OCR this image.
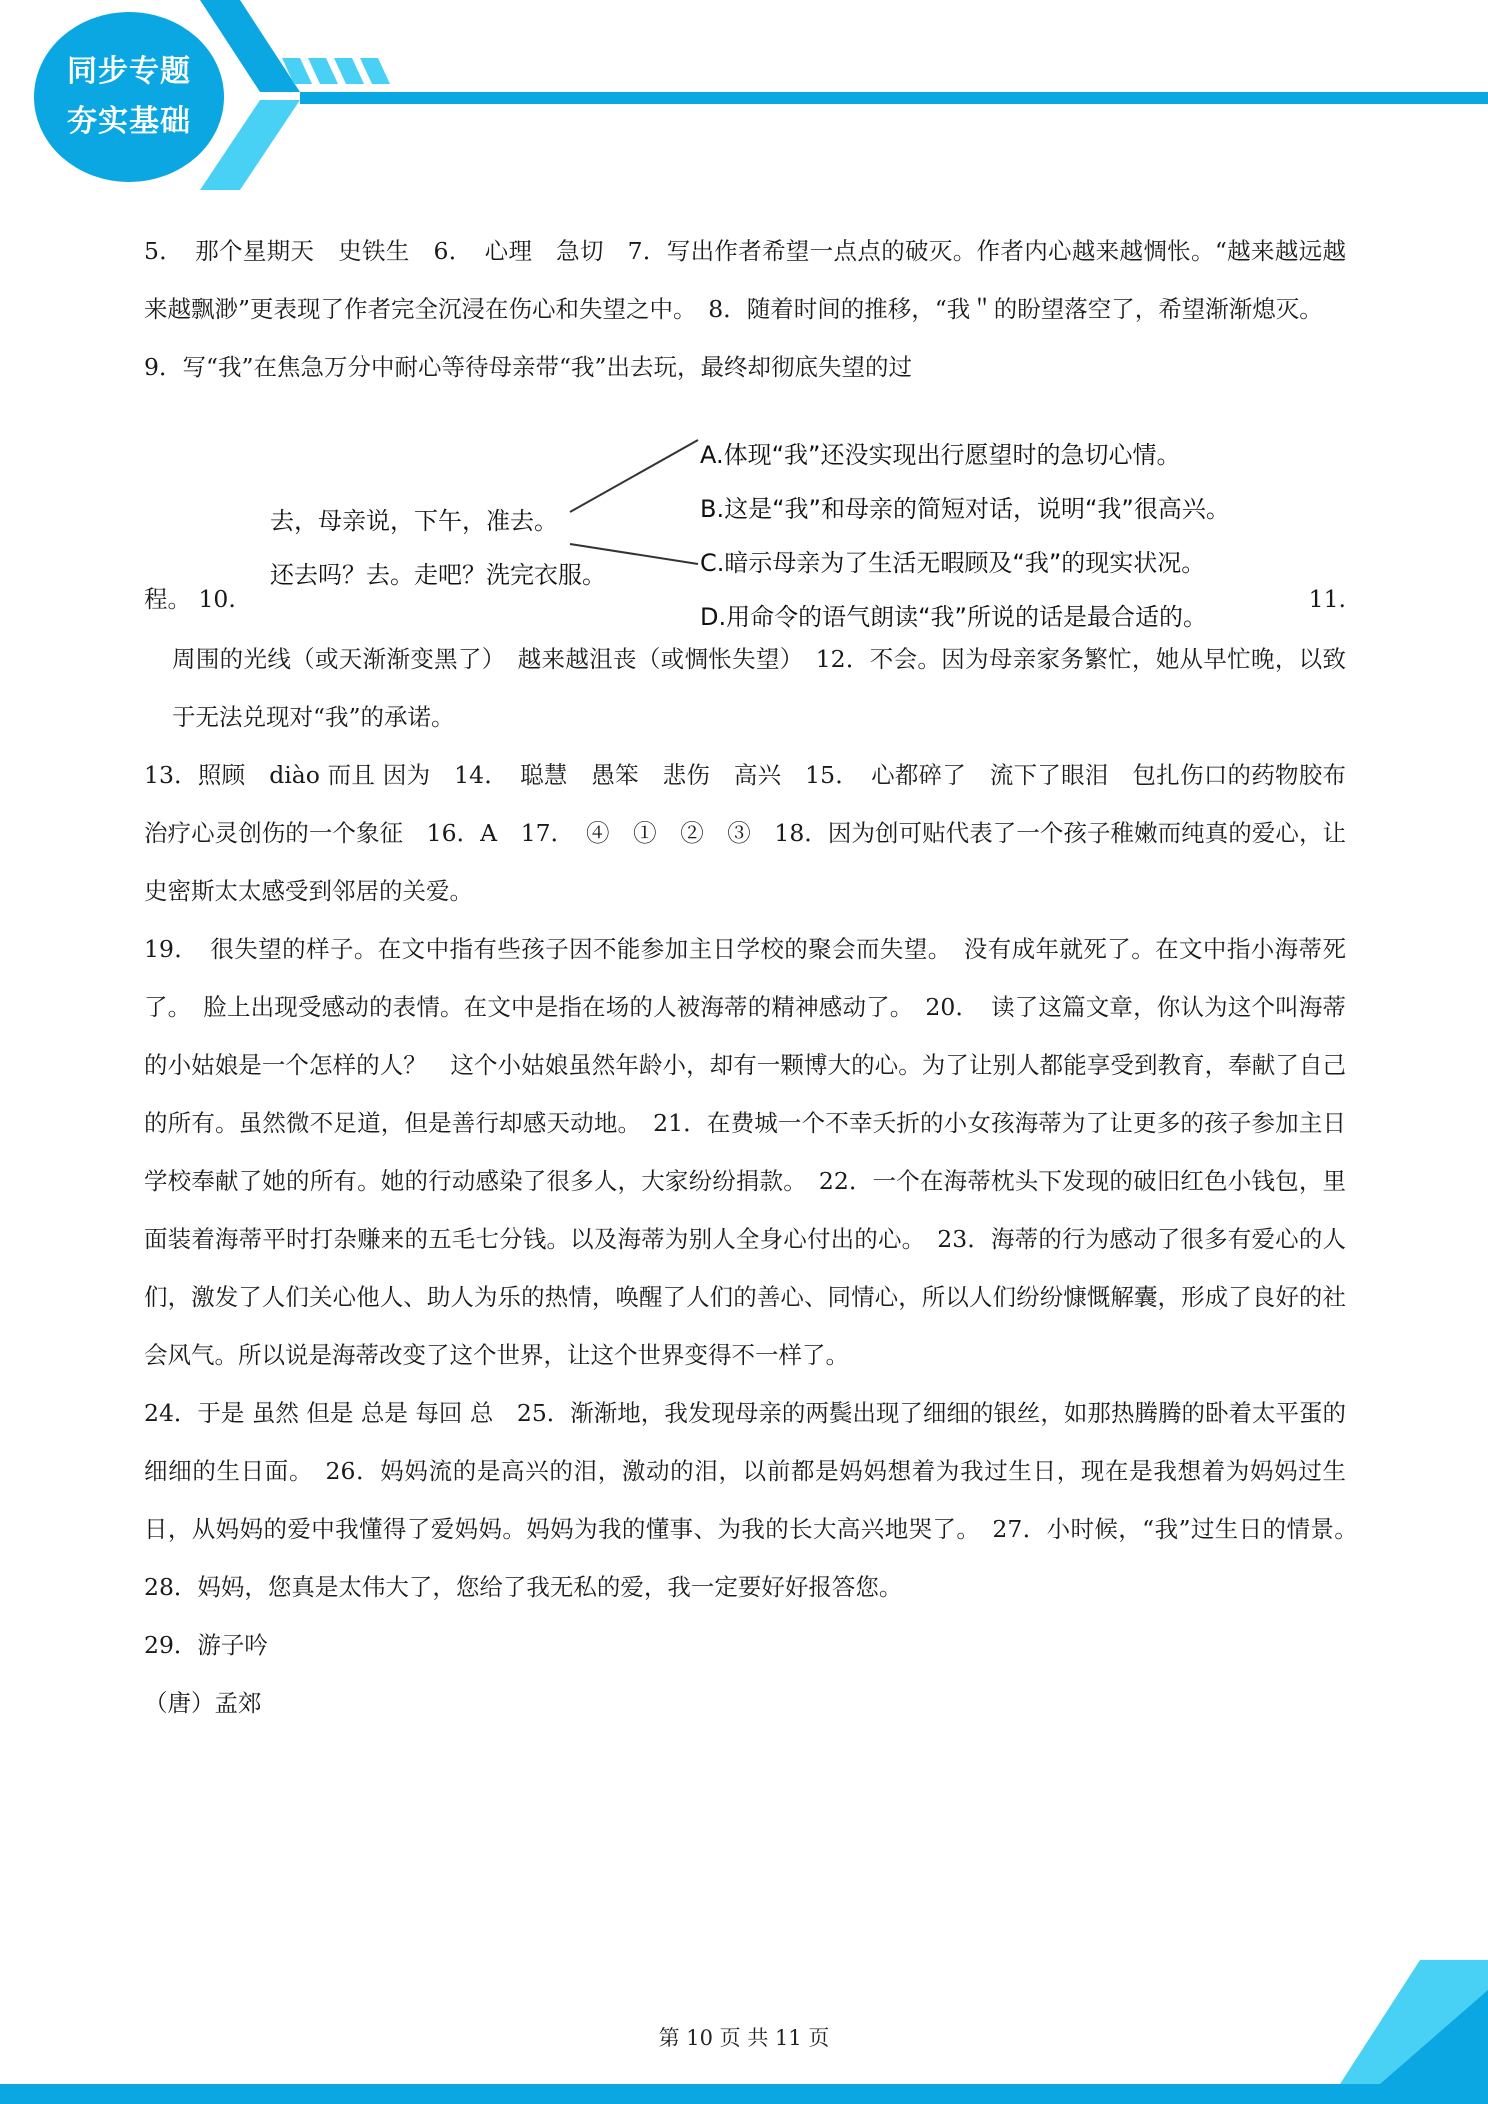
同步专题
夯实基础
5．　那个星期天　史铁生　6．　心理　急切　7．写出作者希望一点点的破灭。作者内心越来越惆怅。“越来越远越来越飘渺”更表现了作者完全沉浸在伤心和失望之中。　8．随着时间的推移，“我＂的盼望落空了，希望渐渐熄灭。
9．写“我”在焦急万分中耐心等待母亲带“我”出去玩，最终却彻底失望的过
去，母亲说，下午，准去。
还去吗？去。走吧？洗完衣服。
A.体现“我”还没实现出行愿望时的急切心情。
B.这是“我”和母亲的简短对话，说明“我”很高兴。
C.暗示母亲为了生活无暇顾及“我”的现实状况。
D.用命令的语气朗读“我”所说的话是最合适的。
程。 10.	11.
周围的光线（或天渐渐变黑了）　越来越沮丧（或惆怅失望）　12．不会。因为母亲家务繁忙，她从早忙晚，以致于无法兑现对“我”的承诺。
13．照顾　diào 而且 因为　14．　聪慧　愚笨　悲伤　高兴　15．　心都碎了　流下了眼泪　包扎伤口的药物胶布　治疗心灵创伤的一个象征　16．A　17．　④　①　②　③　18．因为创可贴代表了一个孩子稚嫩而纯真的爱心，让史密斯太太感受到邻居的关爱。
19．　很失望的样子。在文中指有些孩子因不能参加主日学校的聚会而失望。　没有成年就死了。在文中指小海蒂死了。　脸上出现受感动的表情。在文中是指在场的人被海蒂的精神感动了。　20．　读了这篇文章，你认为这个叫海蒂的小姑娘是一个怎样的人？　这个小姑娘虽然年龄小，却有一颗博大的心。为了让别人都能享受到教育，奉献了自己的所有。虽然微不足道，但是善行却感天动地。　21．在费城一个不幸夭折的小女孩海蒂为了让更多的孩子参加主日学校奉献了她的所有。她的行动感染了很多人，大家纷纷捐款。　22．一个在海蒂枕头下发现的破旧红色小钱包，里面装着海蒂平时打杂赚来的五毛七分钱。以及海蒂为别人全身心付出的心。　23．海蒂的行为感动了很多有爱心的人们，激发了人们关心他人、助人为乐的热情，唤醒了人们的善心、同情心，所以人们纷纷慷慨解囊，形成了良好的社会风气。所以说是海蒂改变了这个世界，让这个世界变得不一样了。
24．于是 虽然 但是 总是 每回 总　25．渐渐地，我发现母亲的两鬓出现了细细的银丝，如那热腾腾的卧着太平蛋的细细的生日面。　26．妈妈流的是高兴的泪，激动的泪，以前都是妈妈想着为我过生日，现在是我想着为妈妈过生日，从妈妈的爱中我懂得了爱妈妈。妈妈为我的懂事、为我的长大高兴地哭了。　27．小时候，“我”过生日的情景。　28．妈妈，您真是太伟大了，您给了我无私的爱，我一定要好好报答您。
29．游子吟
（唐）孟郊
第 10 页 共 11 页
